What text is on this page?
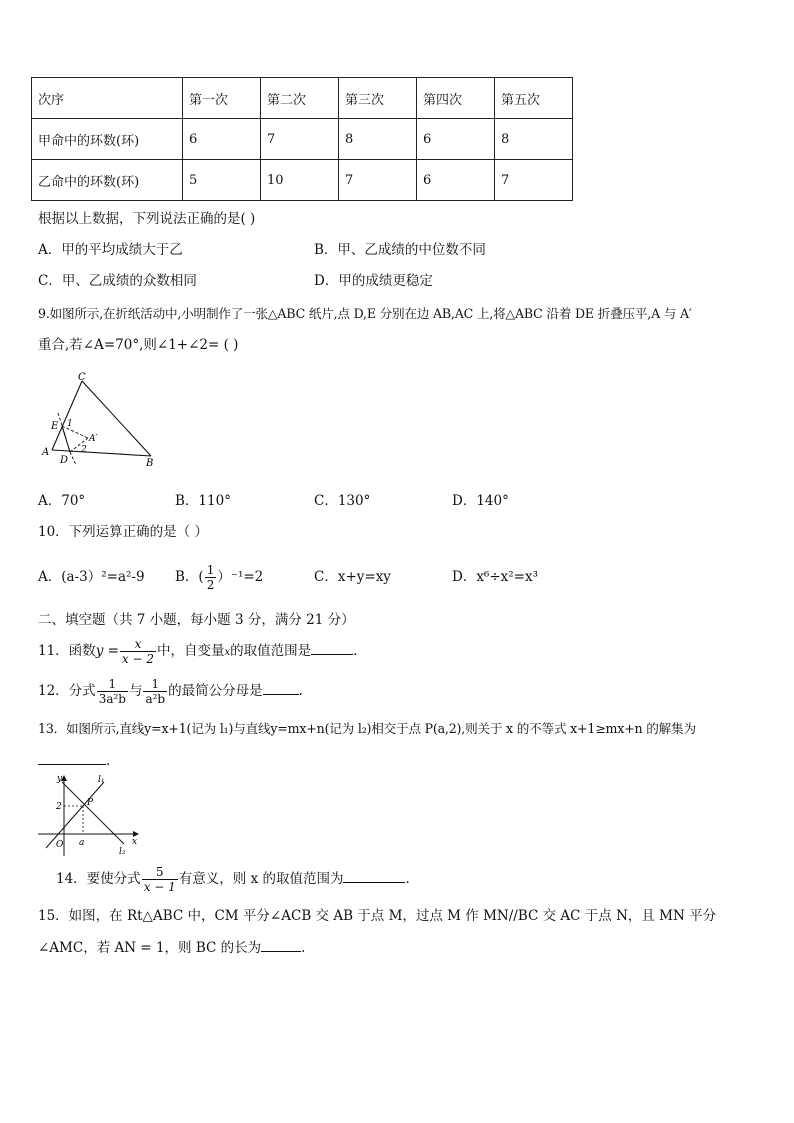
次序	第一次	第二次	第三次	第四次	第五次
甲命中的环数(环)	6	7	8	6	8
乙命中的环数(环)	5	10	7	6	7
根据以上数据，下列说法正确的是( )
A．甲的平均成绩大于乙	B．甲、乙成绩的中位数不同
C．甲、乙成绩的众数相同	D．甲的成绩更稳定
9.如图所示,在折纸活动中,小明制作了一张△ABC 纸片,点 D,E 分别在边 AB,AC 上,将△ABC 沿着 DE 折叠压平,A 与 A′
重合,若∠A=70°,则∠1+∠2= ( )
C
E
A
D	B
A′
1
2
A．70°	B．110°	C．130°	D．140°
10．下列运算正确的是（ ）
A．(a-3）²=a²-9 B．( $\frac{1}{2} )^{-1}=2$	C．x+y=xy	D．x⁶÷x²=x³
二、填空题（共 7 小题，每小题 3 分，满分 21 分）
11．函数$y = \frac{x}{x - 2}$ 中，自变量x的取值范围是	.
12．分式 $\frac{1}{\text{3a²b}}$ 与 $\frac{1}{\text{a²b}}$ 的最简公分母是	.
13．如图所示,直线y=x+1(记为 l₁)与直线y=mx+n(记为 l₂)相交于点 P(a,2),则关于 x 的不等式 x+1≥mx+n 的解集为
.
y
x
O a
2	P
l₁
l₂
14．要使分式 $\frac{5}{x - 1}$ 有意义，则 x 的取值范围为	.
15．如图，在 Rt△ABC 中，CM 平分∠ACB 交 AB 于点 M，过点 M 作 MN//BC 交 AC 于点 N，且 MN 平分
∠AMC，若 AN = 1，则 BC 的长为	.
